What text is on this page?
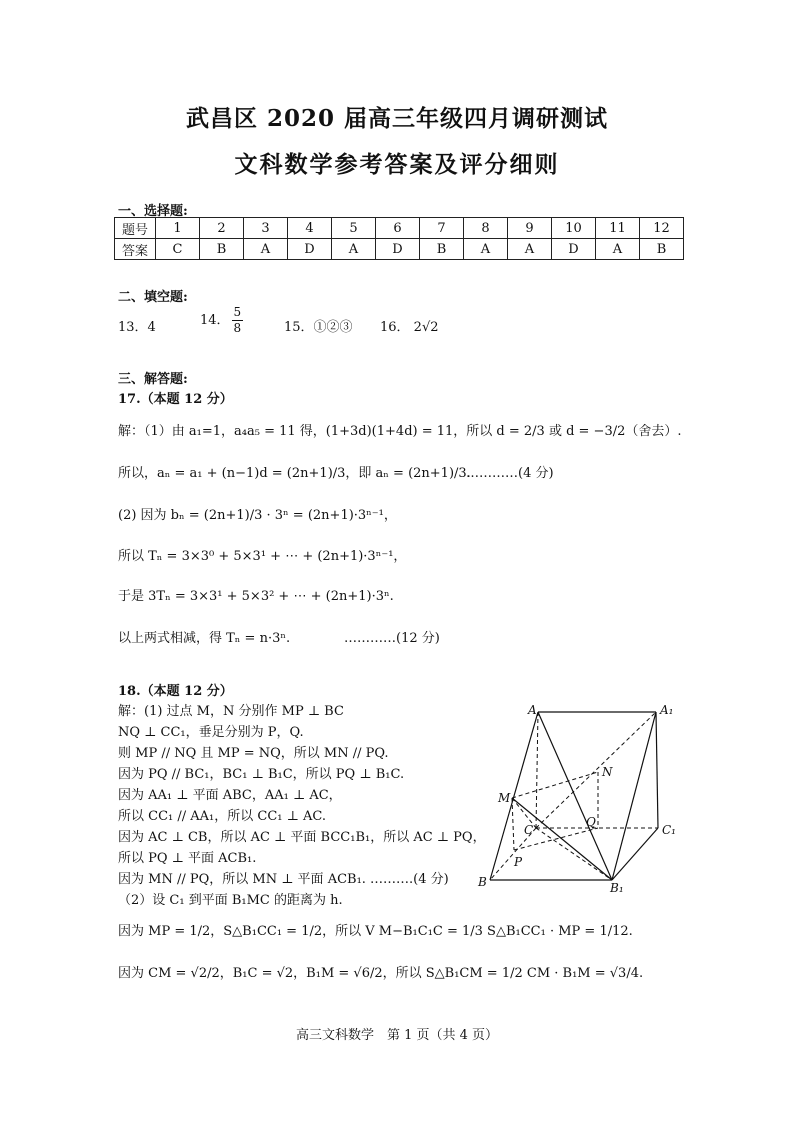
武昌区 2020 届高三年级四月调研测试
文科数学参考答案及评分细则
一、选择题:
题号	1	2	3	4	5	6	7	8	9	10	11	12
答案	C	B	A	D	A	D	B	A	A	D	A	B
二、填空题:
13．4	14． $\frac{5}{8}$	15．①②③ 16． 2√2
三、解答题:
17.（本题 12 分）
解：（1）由 a₁=1，a₄a₅ = 11 得，(1+3d)(1+4d) = 11，所以 d = 2/3 或 d = −3/2（舍去）.
所以，aₙ = a₁ + (n−1)d = (2n+1)/3，即 aₙ = (2n+1)/3.
…………(4 分)
(2) 因为 bₙ = (2n+1)/3 · 3ⁿ = (2n+1)·3ⁿ⁻¹，
所以 Tₙ = 3×3⁰ + 5×3¹ + ⋯ + (2n+1)·3ⁿ⁻¹，
于是 3Tₙ = 3×3¹ + 5×3² + ⋯ + (2n+1)·3ⁿ.
以上两式相减，得 Tₙ = n·3ⁿ.	…………(12 分)
18.（本题 12 分）
解：(1) 过点 M，N 分别作 MP ⊥ BC
NQ ⊥ CC₁，垂足分别为 P，Q.
则 MP // NQ 且 MP = NQ，所以 MN // PQ.
因为 PQ // BC₁，BC₁ ⊥ B₁C，所以 PQ ⊥ B₁C.
因为 AA₁ ⊥ 平面 ABC，AA₁ ⊥ AC，
所以 CC₁ // AA₁，所以 CC₁ ⊥ AC.
因为 AC ⊥ CB，所以 AC ⊥ 平面 BCC₁B₁，所以 AC ⊥ PQ，
所以 PQ ⊥ 平面 ACB₁.
因为 MN // PQ，所以 MN ⊥ 平面 ACB₁. ……….(4 分)
（2）设 C₁ 到平面 B₁MC 的距离为 h.
因为 MP = 1/2，S△B₁CC₁ = 1/2，所以 V M−B₁C₁C = 1/3 S△B₁CC₁ · MP = 1/12.
因为 CM = √2/2，B₁C = √2，B₁M = √6/2，所以 S△B₁CM = 1/2 CM · B₁M = √3/4.
A	A₁
M
N
C
Q
C₁
P
B	B₁
高三文科数学　第 1 页（共 4 页）
